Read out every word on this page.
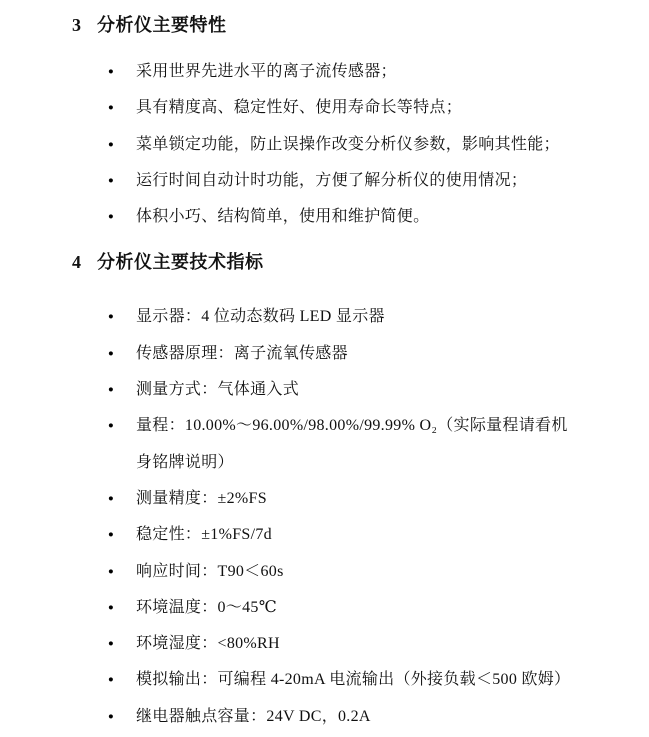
3 分析仪主要特性
●	采用世界先进水平的离子流传感器；
●	具有精度高、稳定性好、使用寿命长等特点；
●	菜单锁定功能，防止误操作改变分析仪参数，影响其性能；
●	运行时间自动计时功能，方便了解分析仪的使用情况；
●	体积小巧、结构简单，使用和维护简便。
4 分析仪主要技术指标
●	显示器：4 位动态数码 LED 显示器
●	传感器原理：离子流氧传感器
●	测量方式：气体通入式
●	量程：10.00%～96.00%/98.00%/99.99% O₂（实际量程请看机
身铭牌说明）
●	测量精度：±2%FS
●	稳定性：±1%FS/7d
●	响应时间：T90＜60s
●	环境温度：0～45℃
●	环境湿度：<80%RH
●	模拟输出：可编程 4-20mA 电流输出（外接负载＜500 欧姆）
●	继电器触点容量：24V DC，0.2A
